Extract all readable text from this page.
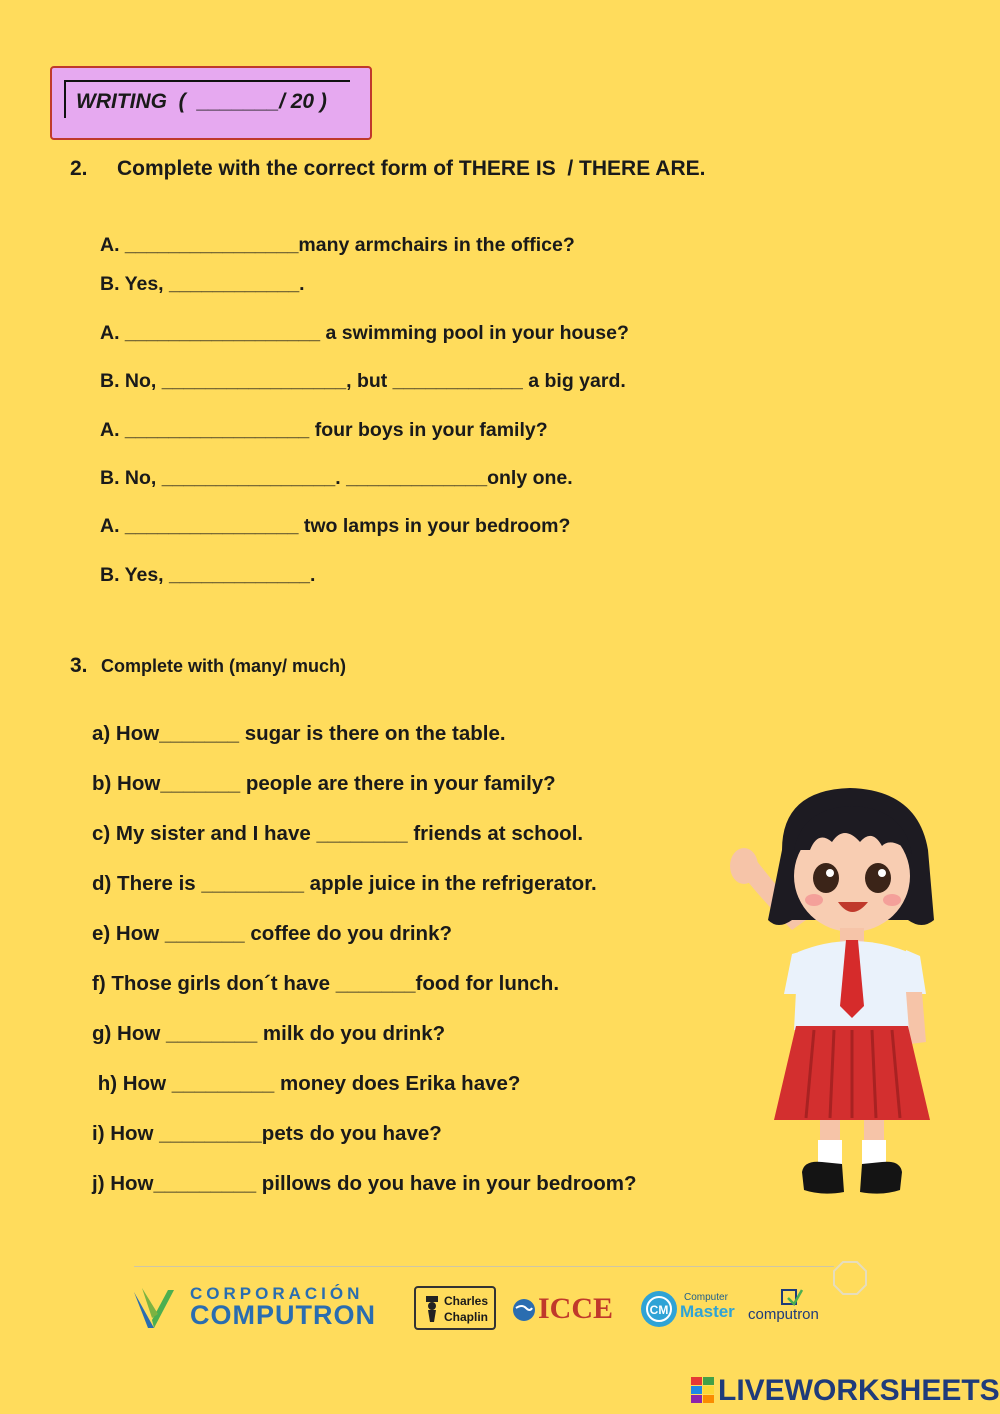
WRITING  (  _______/ 20 )
2. Complete with the correct form of THERE IS  / THERE ARE.
A. ________________many armchairs in the office?
B. Yes, ____________.
A. __________________ a swimming pool in your house?
B. No, _________________, but ____________ a big yard.
A. _________________ four boys in your family?
B. No, ________________. _____________only one.
A. ________________ two lamps in your bedroom?
B. Yes, _____________.
3. Complete with (many/ much)
a) How_______ sugar is there on the table.
b) How_______ people are there in your family?
c) My sister and I have ________ friends at school.
d) There is _________ apple juice in the refrigerator.
e) How _______ coffee do you drink?
f) Those girls don´t have _______food for lunch.
g) How ________ milk do you drink?
h) How _________ money does Erika have?
i) How _________pets do you have?
j) How_________ pillows do you have in your bedroom?
CORPORACIÓN
COMPUTRON	Charles
Chaplin ICCE	CM
Computer
Master computron
LIVEWORKSHEETS
